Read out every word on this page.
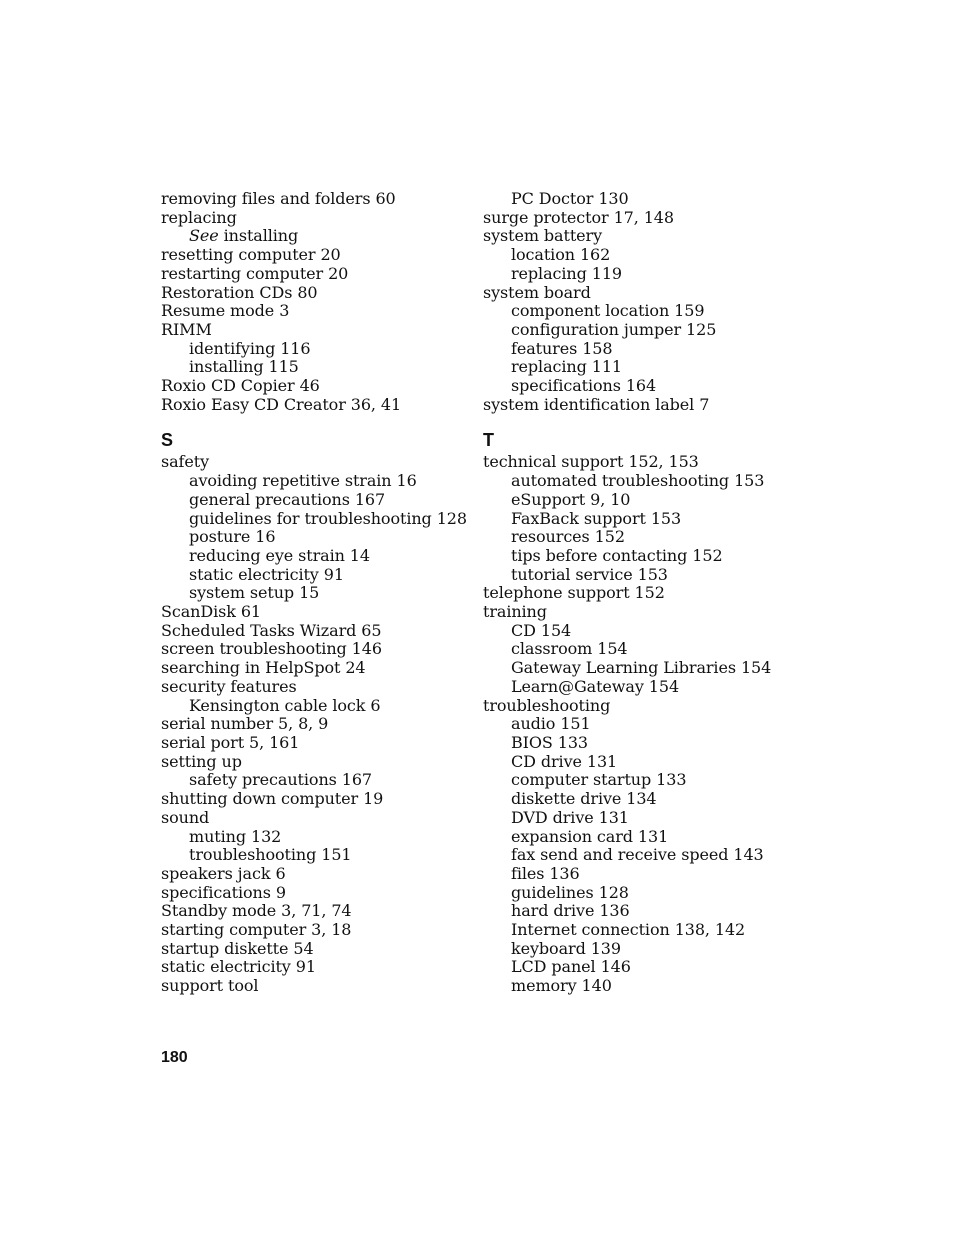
removing files and folders 60
replacing
See installing
resetting computer 20
restarting computer 20
Restoration CDs 80
Resume mode 3
RIMM
identifying 116
installing 115
Roxio CD Copier 46
Roxio Easy CD Creator 36, 41
S
safety
avoiding repetitive strain 16
general precautions 167
guidelines for troubleshooting 128
posture 16
reducing eye strain 14
static electricity 91
system setup 15
ScanDisk 61
Scheduled Tasks Wizard 65
screen troubleshooting 146
searching in HelpSpot 24
security features
Kensington cable lock 6
serial number 5, 8, 9
serial port 5, 161
setting up
safety precautions 167
shutting down computer 19
sound
muting 132
troubleshooting 151
speakers jack 6
specifications 9
Standby mode 3, 71, 74
starting computer 3, 18
startup diskette 54
static electricity 91
support tool
PC Doctor 130
surge protector 17, 148
system battery
location 162
replacing 119
system board
component location 159
configuration jumper 125
features 158
replacing 111
specifications 164
system identification label 7
T
technical support 152, 153
automated troubleshooting 153
eSupport 9, 10
FaxBack support 153
resources 152
tips before contacting 152
tutorial service 153
telephone support 152
training
CD 154
classroom 154
Gateway Learning Libraries 154
Learn@Gateway 154
troubleshooting
audio 151
BIOS 133
CD drive 131
computer startup 133
diskette drive 134
DVD drive 131
expansion card 131
fax send and receive speed 143
files 136
guidelines 128
hard drive 136
Internet connection 138, 142
keyboard 139
LCD panel 146
memory 140
180
